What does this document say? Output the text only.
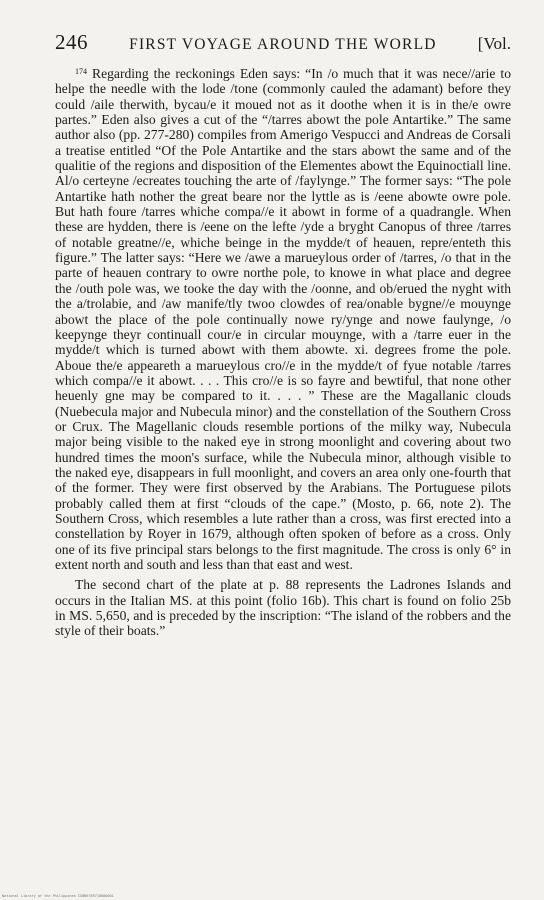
246	FIRST VOYAGE AROUND THE WORLD [Vol.

$^{174}$ Regarding the reckonings Eden says: “In /o much that it was nece//arie to helpe the needle with the lode /tone (commonly cauled the adamant) before they could /aile therwith, bycau/e it moued not as it doothe when it is in the/e owre partes.” Eden also gives a cut of the “/tarres abowt the pole Antartike.” The same author also (pp. 277-280) compiles from Amerigo Vespucci and Andreas de Corsali a treatise entitled “Of the Pole Antartike and the stars abowt the same and of the qualitie of the regions and disposition of the Elementes abowt the Equinoctiall line. Al/o certeyne /ecreates touching the arte of /faylynge.” The former says: “The pole Antartike hath nother the great beare nor the lyttle as is /eene abowte owre pole. But hath foure /tarres whiche compa//e it abowt in forme of a quadrangle. When these are hydden, there is /eene on the lefte /yde a bryght Canopus of three /tarres of notable greatne//e, whiche beinge in the mydde/t of heauen, repre/enteth this figure.” The latter says: “Here we /awe a marueylous order of /tarres, /o that in the parte of heauen contrary to owre northe pole, to knowe in what place and degree the /outh pole was, we tooke the day with the /oonne, and ob/erued the nyght with the a/trolabie, and /aw manife/tly twoo clowdes of rea/onable bygne//e mouynge abowt the place of the pole continually nowe ry/ynge and nowe faulynge, /o keepynge theyr continuall cour/e in circular mouynge, with a /tarre euer in the mydde/t which is turned abowt with them abowte. xi. degrees frome the pole. Aboue the/e appeareth a marueylous cro//e in the mydde/t of fyue notable /tarres which compa//e it abowt. . . . This cro//e is so fayre and bewtiful, that none other heuenly gne may be compared to it. . . . ” These are the Magallanic clouds (Nuebecula major and Nubecula minor) and the constellation of the Southern Cross or Crux. The Magellanic clouds resemble portions of the milky way, Nubecula major being visible to the naked eye in strong moonlight and covering about two hundred times the moon's surface, while the Nubecula minor, although visible to the naked eye, disappears in full moonlight, and covers an area only one-fourth that of the former. They were first observed by the Arabians. The Portuguese pilots probably called them at first “clouds of the cape.” (Mosto, p. 66, note 2). The Southern Cross, which resembles a lute rather than a cross, was first erected into a constellation by Royer in 1679, although often spoken of before as a cross. Only one of its five principal stars belongs to the first magnitude. The cross is only 6° in extent north and south and less than that east and west.

The second chart of the plate at p. 88 represents the Ladrones Islands and occurs in the Italian MS. at this point (folio 16b). This chart is found on folio 25b in MS. 5,650, and is preceded by the inscription: “The island of the robbers and the style of their boats.”

National Library of the Philippines ISBN9789710000001
